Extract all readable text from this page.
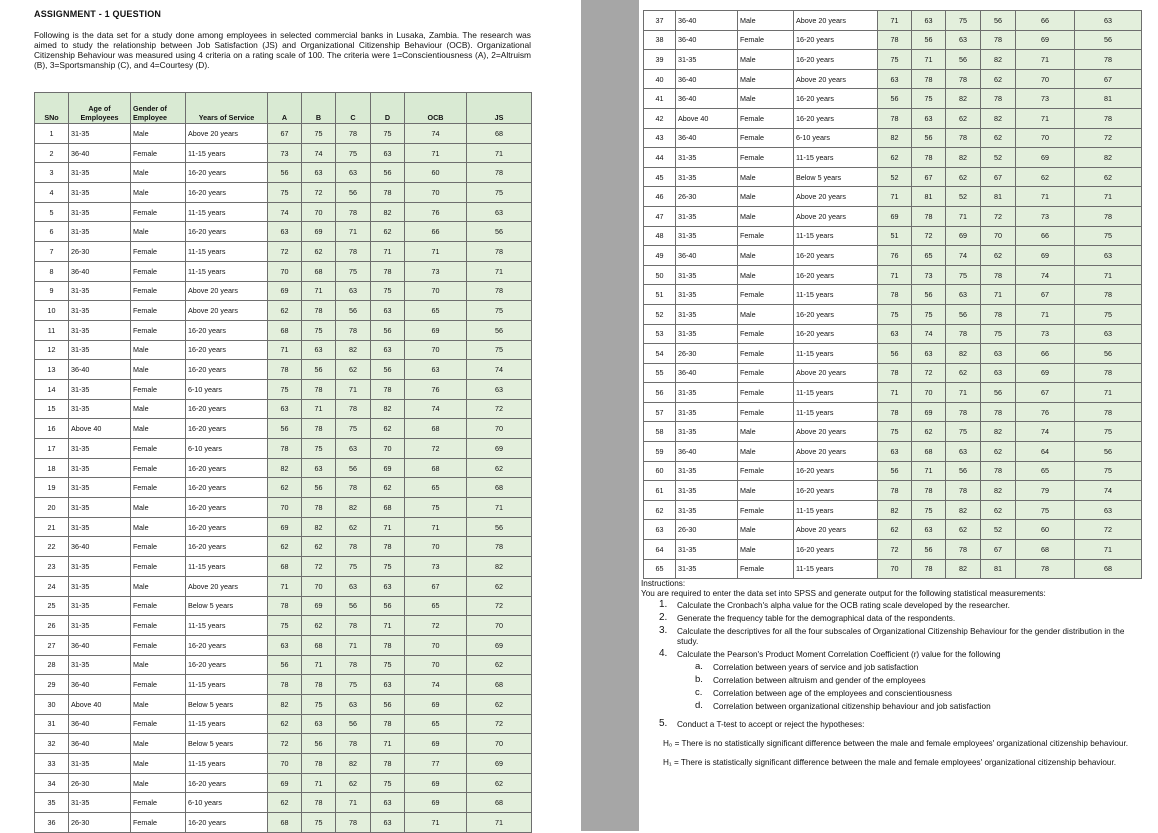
ASSIGNMENT - 1 QUESTION
Following is the data set for a study done among employees in selected commercial banks in Lusaka, Zambia. The research was aimed to study the relationship between Job Satisfaction (JS) and Organizational Citizenship Behaviour (OCB). Organizational Citizenship Behaviour was measured using 4 criteria on a rating scale of 100. The criteria were 1=Conscientiousness (A), 2=Altruism (B), 3=Sportsmanship (C), and 4=Courtesy (D).
SNo	Age of Employees	Gender of Employee	Years of Service	A	B	C	D	OCB	JS
1	31-35	Male	Above 20 years	67	75	78	75	74	68
2	36-40	Female	11-15 years	73	74	75	63	71	71
3	31-35	Male	16-20 years	56	63	63	56	60	78
4	31-35	Male	16-20 years	75	72	56	78	70	75
5	31-35	Female	11-15 years	74	70	78	82	76	63
6	31-35	Male	16-20 years	63	69	71	62	66	56
7	26-30	Female	11-15 years	72	62	78	71	71	78
8	36-40	Female	11-15 years	70	68	75	78	73	71
9	31-35	Female	Above 20 years	69	71	63	75	70	78
10	31-35	Female	Above 20 years	62	78	56	63	65	75
11	31-35	Female	16-20 years	68	75	78	56	69	56
12	31-35	Male	16-20 years	71	63	82	63	70	75
13	36-40	Male	16-20 years	78	56	62	56	63	74
14	31-35	Female	6-10 years	75	78	71	78	76	63
15	31-35	Male	16-20 years	63	71	78	82	74	72
16	Above 40	Male	16-20 years	56	78	75	62	68	70
17	31-35	Female	6-10 years	78	75	63	70	72	69
18	31-35	Female	16-20 years	82	63	56	69	68	62
19	31-35	Female	16-20 years	62	56	78	62	65	68
20	31-35	Male	16-20 years	70	78	82	68	75	71
21	31-35	Male	16-20 years	69	82	62	71	71	56
22	36-40	Female	16-20 years	62	62	78	78	70	78
23	31-35	Female	11-15 years	68	72	75	75	73	82
24	31-35	Male	Above 20 years	71	70	63	63	67	62
25	31-35	Female	Below 5 years	78	69	56	56	65	72
26	31-35	Female	11-15 years	75	62	78	71	72	70
27	36-40	Female	16-20 years	63	68	71	78	70	69
28	31-35	Male	16-20 years	56	71	78	75	70	62
29	36-40	Female	11-15 years	78	78	75	63	74	68
30	Above 40	Male	Below 5 years	82	75	63	56	69	62
31	36-40	Female	11-15 years	62	63	56	78	65	72
32	36-40	Male	Below 5 years	72	56	78	71	69	70
33	31-35	Male	11-15 years	70	78	82	78	77	69
34	26-30	Male	16-20 years	69	71	62	75	69	62
35	31-35	Female	6-10 years	62	78	71	63	69	68
36	26-30	Female	16-20 years	68	75	78	63	71	71
37	36-40	Male	Above 20 years	71	63	75	56	66	63
38	36-40	Female	16-20 years	78	56	63	78	69	56
39	31-35	Male	16-20 years	75	71	56	82	71	78
40	36-40	Male	Above 20 years	63	78	78	62	70	67
41	36-40	Male	16-20 years	56	75	82	78	73	81
42	Above 40	Female	16-20 years	78	63	62	82	71	78
43	36-40	Female	6-10 years	82	56	78	62	70	72
44	31-35	Female	11-15 years	62	78	82	52	69	82
45	31-35	Male	Below 5 years	52	67	62	67	62	62
46	26-30	Male	Above 20 years	71	81	52	81	71	71
47	31-35	Male	Above 20 years	69	78	71	72	73	78
48	31-35	Female	11-15 years	51	72	69	70	66	75
49	36-40	Male	16-20 years	76	65	74	62	69	63
50	31-35	Male	16-20 years	71	73	75	78	74	71
51	31-35	Female	11-15 years	78	56	63	71	67	78
52	31-35	Male	16-20 years	75	75	56	78	71	75
53	31-35	Female	16-20 years	63	74	78	75	73	63
54	26-30	Female	11-15 years	56	63	82	63	66	56
55	36-40	Female	Above 20 years	78	72	62	63	69	78
56	31-35	Female	11-15 years	71	70	71	56	67	71
57	31-35	Female	11-15 years	78	69	78	78	76	78
58	31-35	Male	Above 20 years	75	62	75	82	74	75
59	36-40	Male	Above 20 years	63	68	63	62	64	56
60	31-35	Female	16-20 years	56	71	56	78	65	75
61	31-35	Male	16-20 years	78	78	78	82	79	74
62	31-35	Female	11-15 years	82	75	82	62	75	63
63	26-30	Male	Above 20 years	62	63	62	52	60	72
64	31-35	Male	16-20 years	72	56	78	67	68	71
65	31-35	Female	11-15 years	70	78	82	81	78	68
Instructions:
You are required to enter the data set into SPSS and generate output for the following statistical measurements:
1. Calculate the Cronbach's alpha value for the OCB rating scale developed by the researcher.
2. Generate the frequency table for the demographical data of the respondents.
3. Calculate the descriptives for all the four subscales of Organizational Citizenship Behaviour for the gender distribution in the study.
4. Calculate the Pearson's Product Moment Correlation Coefficient (r) value for the following
a. Correlation between years of service and job satisfaction
b. Correlation between altruism and gender of the employees
c. Correlation between age of the employees and conscientiousness
d. Correlation between organizational citizenship behaviour and job satisfaction
5. Conduct a T-test to accept or reject the hypotheses:
H₀ = There is no statistically significant difference between the male and female employees' organizational citizenship behaviour.
H₁ = There is statistically significant difference between the male and female employees' organizational citizenship behaviour.
